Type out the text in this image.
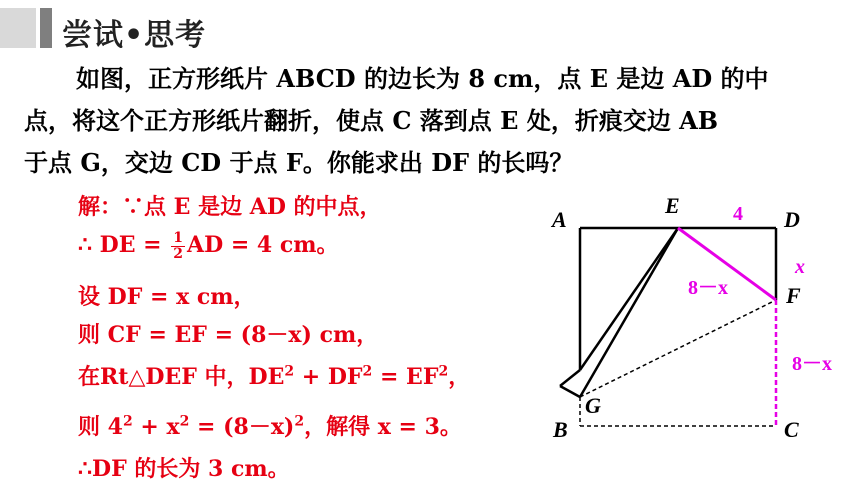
尝试•思考
如图，正方形纸片 ABCD 的边长为 8 cm，点 E 是边 AD 的中
点，将这个正方形纸片翻折，使点 C 落到点 E 处，折痕交边 AB
于点 G，交边 CD 于点 F。你能求出 DF 的长吗？
解：∵点 E 是边 AD 的中点，
∴ DE = $\frac{1}{2}$ AD = 4 cm。
设 DF = x cm，
则 CF = EF = (8－x) cm，
在Rt△DEF 中，$DE^2 + DF^2 = EF^2$，
则 $4^2 + x^2 = (8-x)^2$，解得 x = 3。
∴DF 的长为 3 cm。
A
E
D
F
G
B	C
4
x
8－x
8－x
